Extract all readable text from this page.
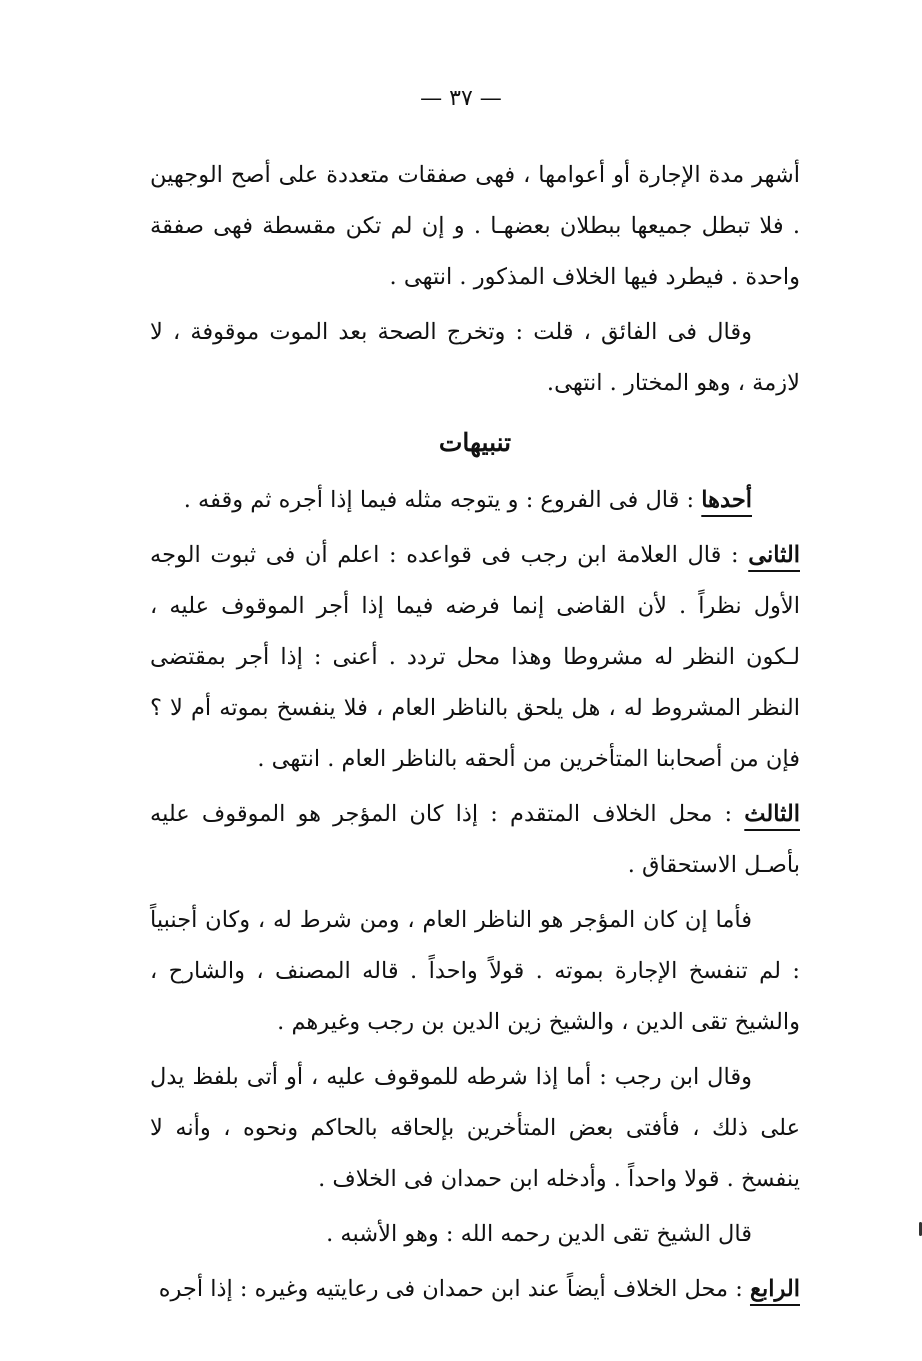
— ٣٧ —

أشهر مدة الإجارة أو أعوامها ، فهى صفقات متعددة على أصح الوجهين . فلا تبطل جميعها ببطلان بعضهـا . و إن لم تكن مقسطة فهى صفقة واحدة . فيطرد فيها الخلاف المذكور . انتهى .

وقال فى الفائق ، قلت : وتخرج الصحة بعد الموت موقوفة ، لا لازمة ، وهو المختار . انتهى.

تنبيهات

أحدها : قال فى الفروع : و يتوجه مثله فيما إذا أجره ثم وقفه .

الثانى : قال العلامة ابن رجب فى قواعده : اعلم أن فى ثبوت الوجه الأول نظراً . لأن القاضى إنما فرضه فيما إذا أجر الموقوف عليه ، لـكون النظر له مشروطا وهذا محل تردد . أعنى : إذا أجر بمقتضى النظر المشروط له ، هل يلحق بالناظر العام ، فلا ينفسخ بموته أم لا ؟ فإن من أصحابنا المتأخرين من ألحقه بالناظر العام . انتهى .

الثالث : محل الخلاف المتقدم : إذا كان المؤجر هو الموقوف عليه بأصـل الاستحقاق .

فأما إن كان المؤجر هو الناظر العام ، ومن شرط له ، وكان أجنبياً : لم تنفسخ الإجارة بموته . قولاً واحداً . قاله المصنف ، والشارح ، والشيخ تقى الدين ، والشيخ زين الدين بن رجب وغيرهم .

وقال ابن رجب : أما إذا شرطه للموقوف عليه ، أو أتى بلفظ يدل على ذلك ، فأفتى بعض المتأخرين بإلحاقه بالحاكم ونحوه ، وأنه لا ينفسخ . قولا واحداً . وأدخله ابن حمدان فى الخلاف .

قال الشيخ تقى الدين رحمه الله : وهو الأشبه .

الرابع : محل الخلاف أيضاً عند ابن حمدان فى رعايتيه وغيره : إذا أجره
